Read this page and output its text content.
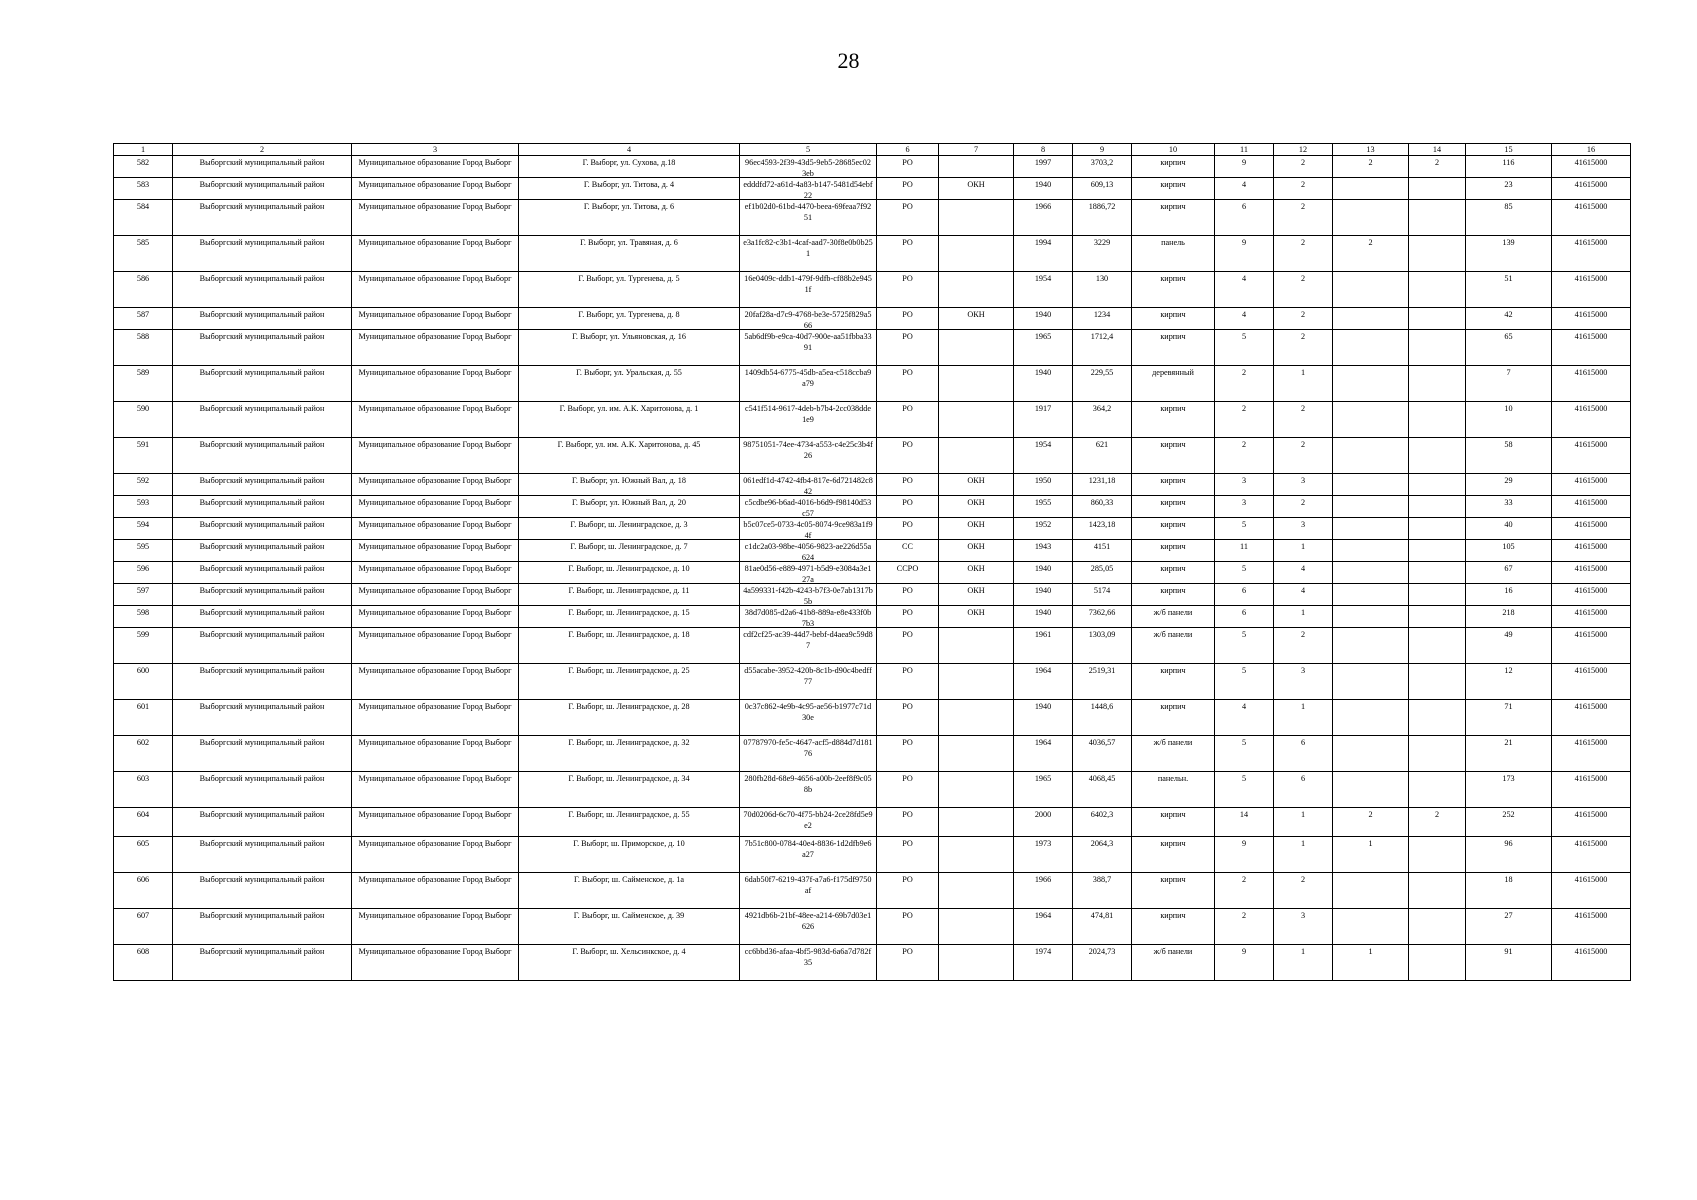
28
1	2	3	4	5	6	7	8	9	10	11	12	13	14	15	16

582	Выборгский муниципальный район	Муниципальное образование Город Выборг	Г. Выборг, ул. Сухова, д.18	96ec4593-2f39-43d5-9eb5-28685ec023eb	РО		1997	3703,2	кирпич	9	2	2	2	116	41615000

583	Выборгский муниципальный район	Муниципальное образование Город Выборг	Г. Выборг, ул. Титова, д. 4	edddfd72-a61d-4a83-b147-5481d54ebf22	РО	ОКН	1940	609,13	кирпич	4	2			23	41615000

584	Выборгский муниципальный район	Муниципальное образование Город Выборг	Г. Выборг, ул. Титова, д. 6	ef1b02d0-61bd-4470-beea-69feaa7f9251	РО		1966	1886,72	кирпич	6	2			85	41615000

585	Выборгский муниципальный район	Муниципальное образование Город Выборг	Г. Выборг, ул. Травяная, д. 6	e3a1fc82-c3b1-4caf-aad7-30f8e0b0b251	РО		1994	3229	панель	9	2	2		139	41615000

586	Выборгский муниципальный район	Муниципальное образование Город Выборг	Г. Выборг, ул. Тургенева, д. 5	16e0409c-ddb1-479f-9dfb-cf88b2e9451f	РО		1954	130	кирпич	4	2			51	41615000

587	Выборгский муниципальный район	Муниципальное образование Город Выборг	Г. Выборг, ул. Тургенева, д. 8	20faf28a-d7c9-4768-be3e-5725f829a566	РО	ОКН	1940	1234	кирпич	4	2			42	41615000

588	Выборгский муниципальный район	Муниципальное образование Город Выборг	Г. Выборг, ул. Ульяновская, д. 16	5ab6df9b-e9ca-40d7-900e-aa51fbba3391	РО		1965	1712,4	кирпич	5	2			65	41615000

589	Выборгский муниципальный район	Муниципальное образование Город Выборг	Г. Выборг, ул. Уральская, д. 55	1409db54-6775-45db-a5ea-c518ccba9a79	РО		1940	229,55	деревянный	2	1			7	41615000

590	Выборгский муниципальный район	Муниципальное образование Город Выборг	Г. Выборг, ул. им. А.К. Харитонова, д. 1	c541f514-9617-4deb-b7b4-2cc038dde1e9	РО		1917	364,2	кирпич	2	2			10	41615000

591	Выборгский муниципальный район	Муниципальное образование Город Выборг	Г. Выборг, ул. им. А.К. Харитонова, д. 45	98751051-74ee-4734-a553-c4e25c3b4f26	РО		1954	621	кирпич	2	2			58	41615000

592	Выборгский муниципальный район	Муниципальное образование Город Выборг	Г. Выборг, ул. Южный Вал, д. 18	061edf1d-4742-4fb4-817e-6d721482c842	РО	ОКН	1950	1231,18	кирпич	3	3			29	41615000

593	Выборгский муниципальный район	Муниципальное образование Город Выборг	Г. Выборг, ул. Южный Вал, д. 20	c5cdbe96-b6ad-4016-b6d9-f98140d53c57	РО	ОКН	1955	860,33	кирпич	3	2			33	41615000

594	Выборгский муниципальный район	Муниципальное образование Город Выборг	Г. Выборг, ш. Ленинградское, д. 3	b5c07ce5-0733-4c05-8074-9ce983a1f94f	РО	ОКН	1952	1423,18	кирпич	5	3			40	41615000

595	Выборгский муниципальный район	Муниципальное образование Город Выборг	Г. Выборг, ш. Ленинградское, д. 7	c1dc2a03-98be-4056-9823-ae226d55a624	СС	ОКН	1943	4151	кирпич	11	1			105	41615000

596	Выборгский муниципальный район	Муниципальное образование Город Выборг	Г. Выборг, ш. Ленинградское, д. 10	81ae0d56-e889-4971-b5d9-e3084a3e127a	ССРО	ОКН	1940	285,05	кирпич	5	4			67	41615000

597	Выборгский муниципальный район	Муниципальное образование Город Выборг	Г. Выборг, ш. Ленинградское, д. 11	4a599331-f42b-4243-b7f3-0e7ab1317b5b	РО	ОКН	1940	5174	кирпич	6	4			16	41615000

598	Выборгский муниципальный район	Муниципальное образование Город Выборг	Г. Выборг, ш. Ленинградское, д. 15	38d7d085-d2a6-41b8-889a-e8e433f0b7b3	РО	ОКН	1940	7362,66	ж/б панели	6	1			218	41615000

599	Выборгский муниципальный район	Муниципальное образование Город Выборг	Г. Выборг, ш. Ленинградское, д. 18	cdf2cf25-ac39-44d7-bebf-d4aea9c59d87	РО		1961	1303,09	ж/б панели	5	2			49	41615000

600	Выборгский муниципальный район	Муниципальное образование Город Выборг	Г. Выборг, ш. Ленинградское, д. 25	d55acabe-3952-420b-8c1b-d90c4bedff77	РО		1964	2519,31	кирпич	5	3			12	41615000

601	Выборгский муниципальный район	Муниципальное образование Город Выборг	Г. Выборг, ш. Ленинградское, д. 28	0c37c862-4e9b-4c95-ae56-b1977c71d30e	РО		1940	1448,6	кирпич	4	1			71	41615000

602	Выборгский муниципальный район	Муниципальное образование Город Выборг	Г. Выборг, ш. Ленинградское, д. 32	07787970-fe5c-4647-acf5-d884d7d18176	РО		1964	4036,57	ж/б панели	5	6			21	41615000

603	Выборгский муниципальный район	Муниципальное образование Город Выборг	Г. Выборг, ш. Ленинградское, д. 34	280fb28d-68e9-4656-a00b-2eef8f9c058b	РО		1965	4068,45	панельн.	5	6			173	41615000

604	Выборгский муниципальный район	Муниципальное образование Город Выборг	Г. Выборг, ш. Ленинградское, д. 55	70d0206d-6c70-4f75-bb24-2ce28fd5e9e2	РО		2000	6402,3	кирпич	14	1	2	2	252	41615000

605	Выборгский муниципальный район	Муниципальное образование Город Выборг	Г. Выборг, ш. Приморское, д. 10	7b51c800-0784-40e4-8836-1d2dfb9e6a27	РО		1973	2064,3	кирпич	9	1	1		96	41615000

606	Выборгский муниципальный район	Муниципальное образование Город Выборг	Г. Выборг, ш. Сайменское, д. 1а	6dab50f7-6219-437f-a7a6-f175df9750af	РО		1966	388,7	кирпич	2	2			18	41615000

607	Выборгский муниципальный район	Муниципальное образование Город Выборг	Г. Выборг, ш. Сайменское, д. 39	4921db6b-21bf-48ee-a214-69b7d03e1626	РО		1964	474,81	кирпич	2	3			27	41615000

608	Выборгский муниципальный район	Муниципальное образование Город Выборг	Г. Выборг, ш. Хельсинкское, д. 4	cc6bbd36-afaa-4bf5-983d-6a6a7d782f35	РО		1974	2024,73	ж/б панели	9	1	1		91	41615000
